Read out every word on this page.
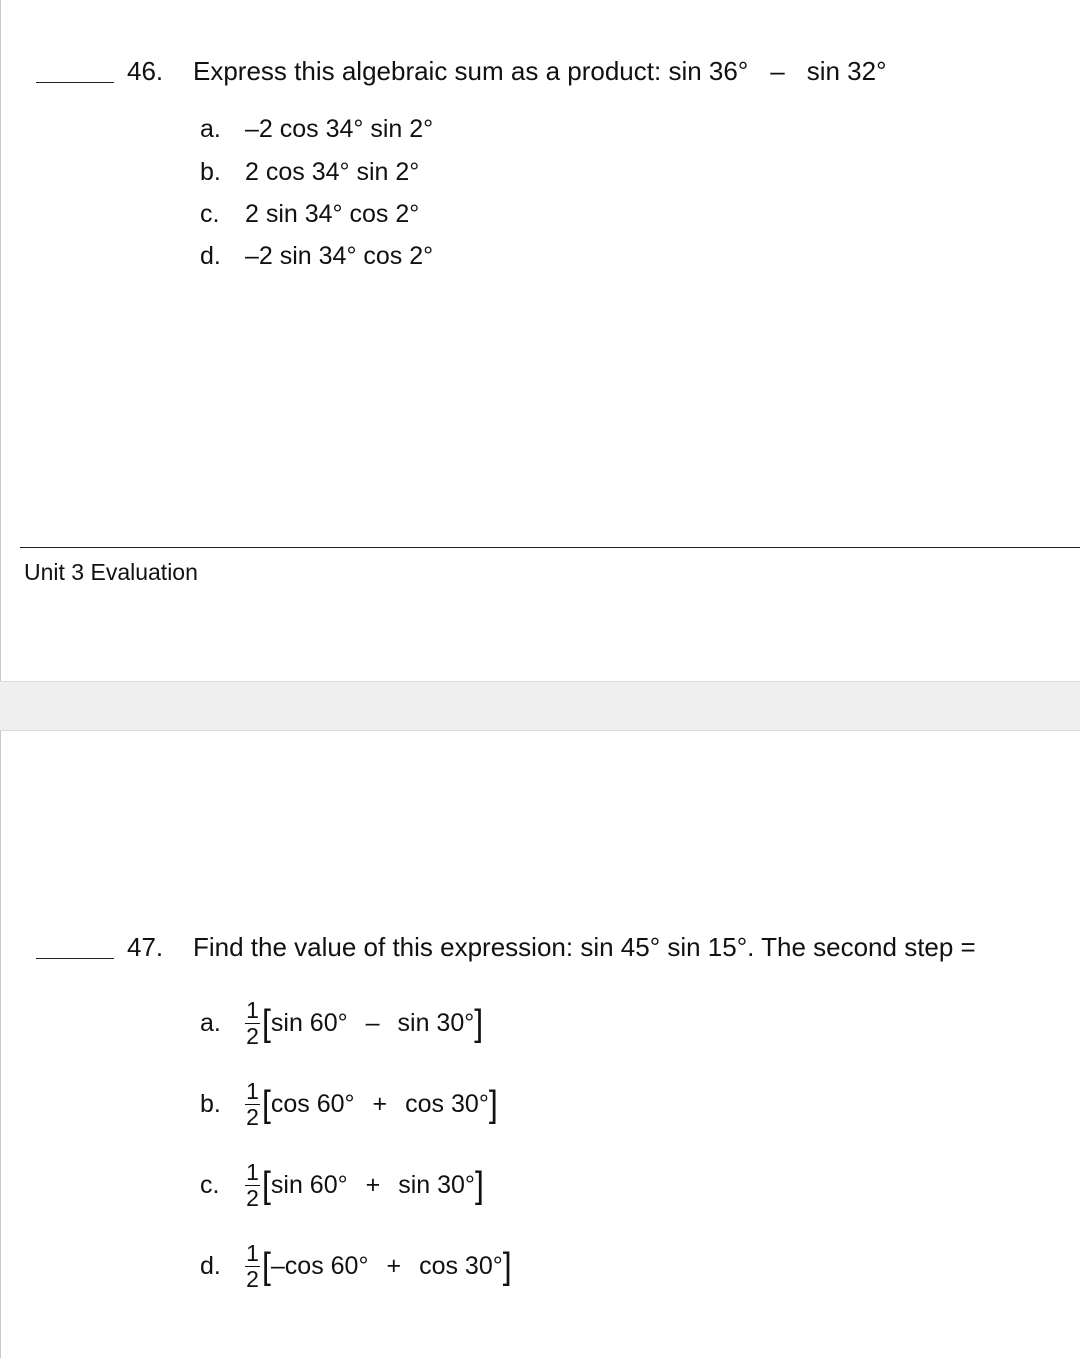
46. Express this algebraic sum as a product: sin 36° – sin 32°
a. –2 cos 34° sin 2°
b. 2 cos 34° sin 2°
c. 2 sin 34° cos 2°
d. –2 sin 34° cos 2°
Unit 3 Evaluation
47. Find the value of this expression: sin 45° sin 15°. The second step =
a. $\frac{1}{2}$ [ sin 60° – sin 30° ]
b. $\frac{1}{2}$ [ cos 60° + cos 30° ]
c. $\frac{1}{2}$ [ sin 60° + sin 30° ]
d. $\frac{1}{2}$ [ –cos 60° + cos 30° ]
